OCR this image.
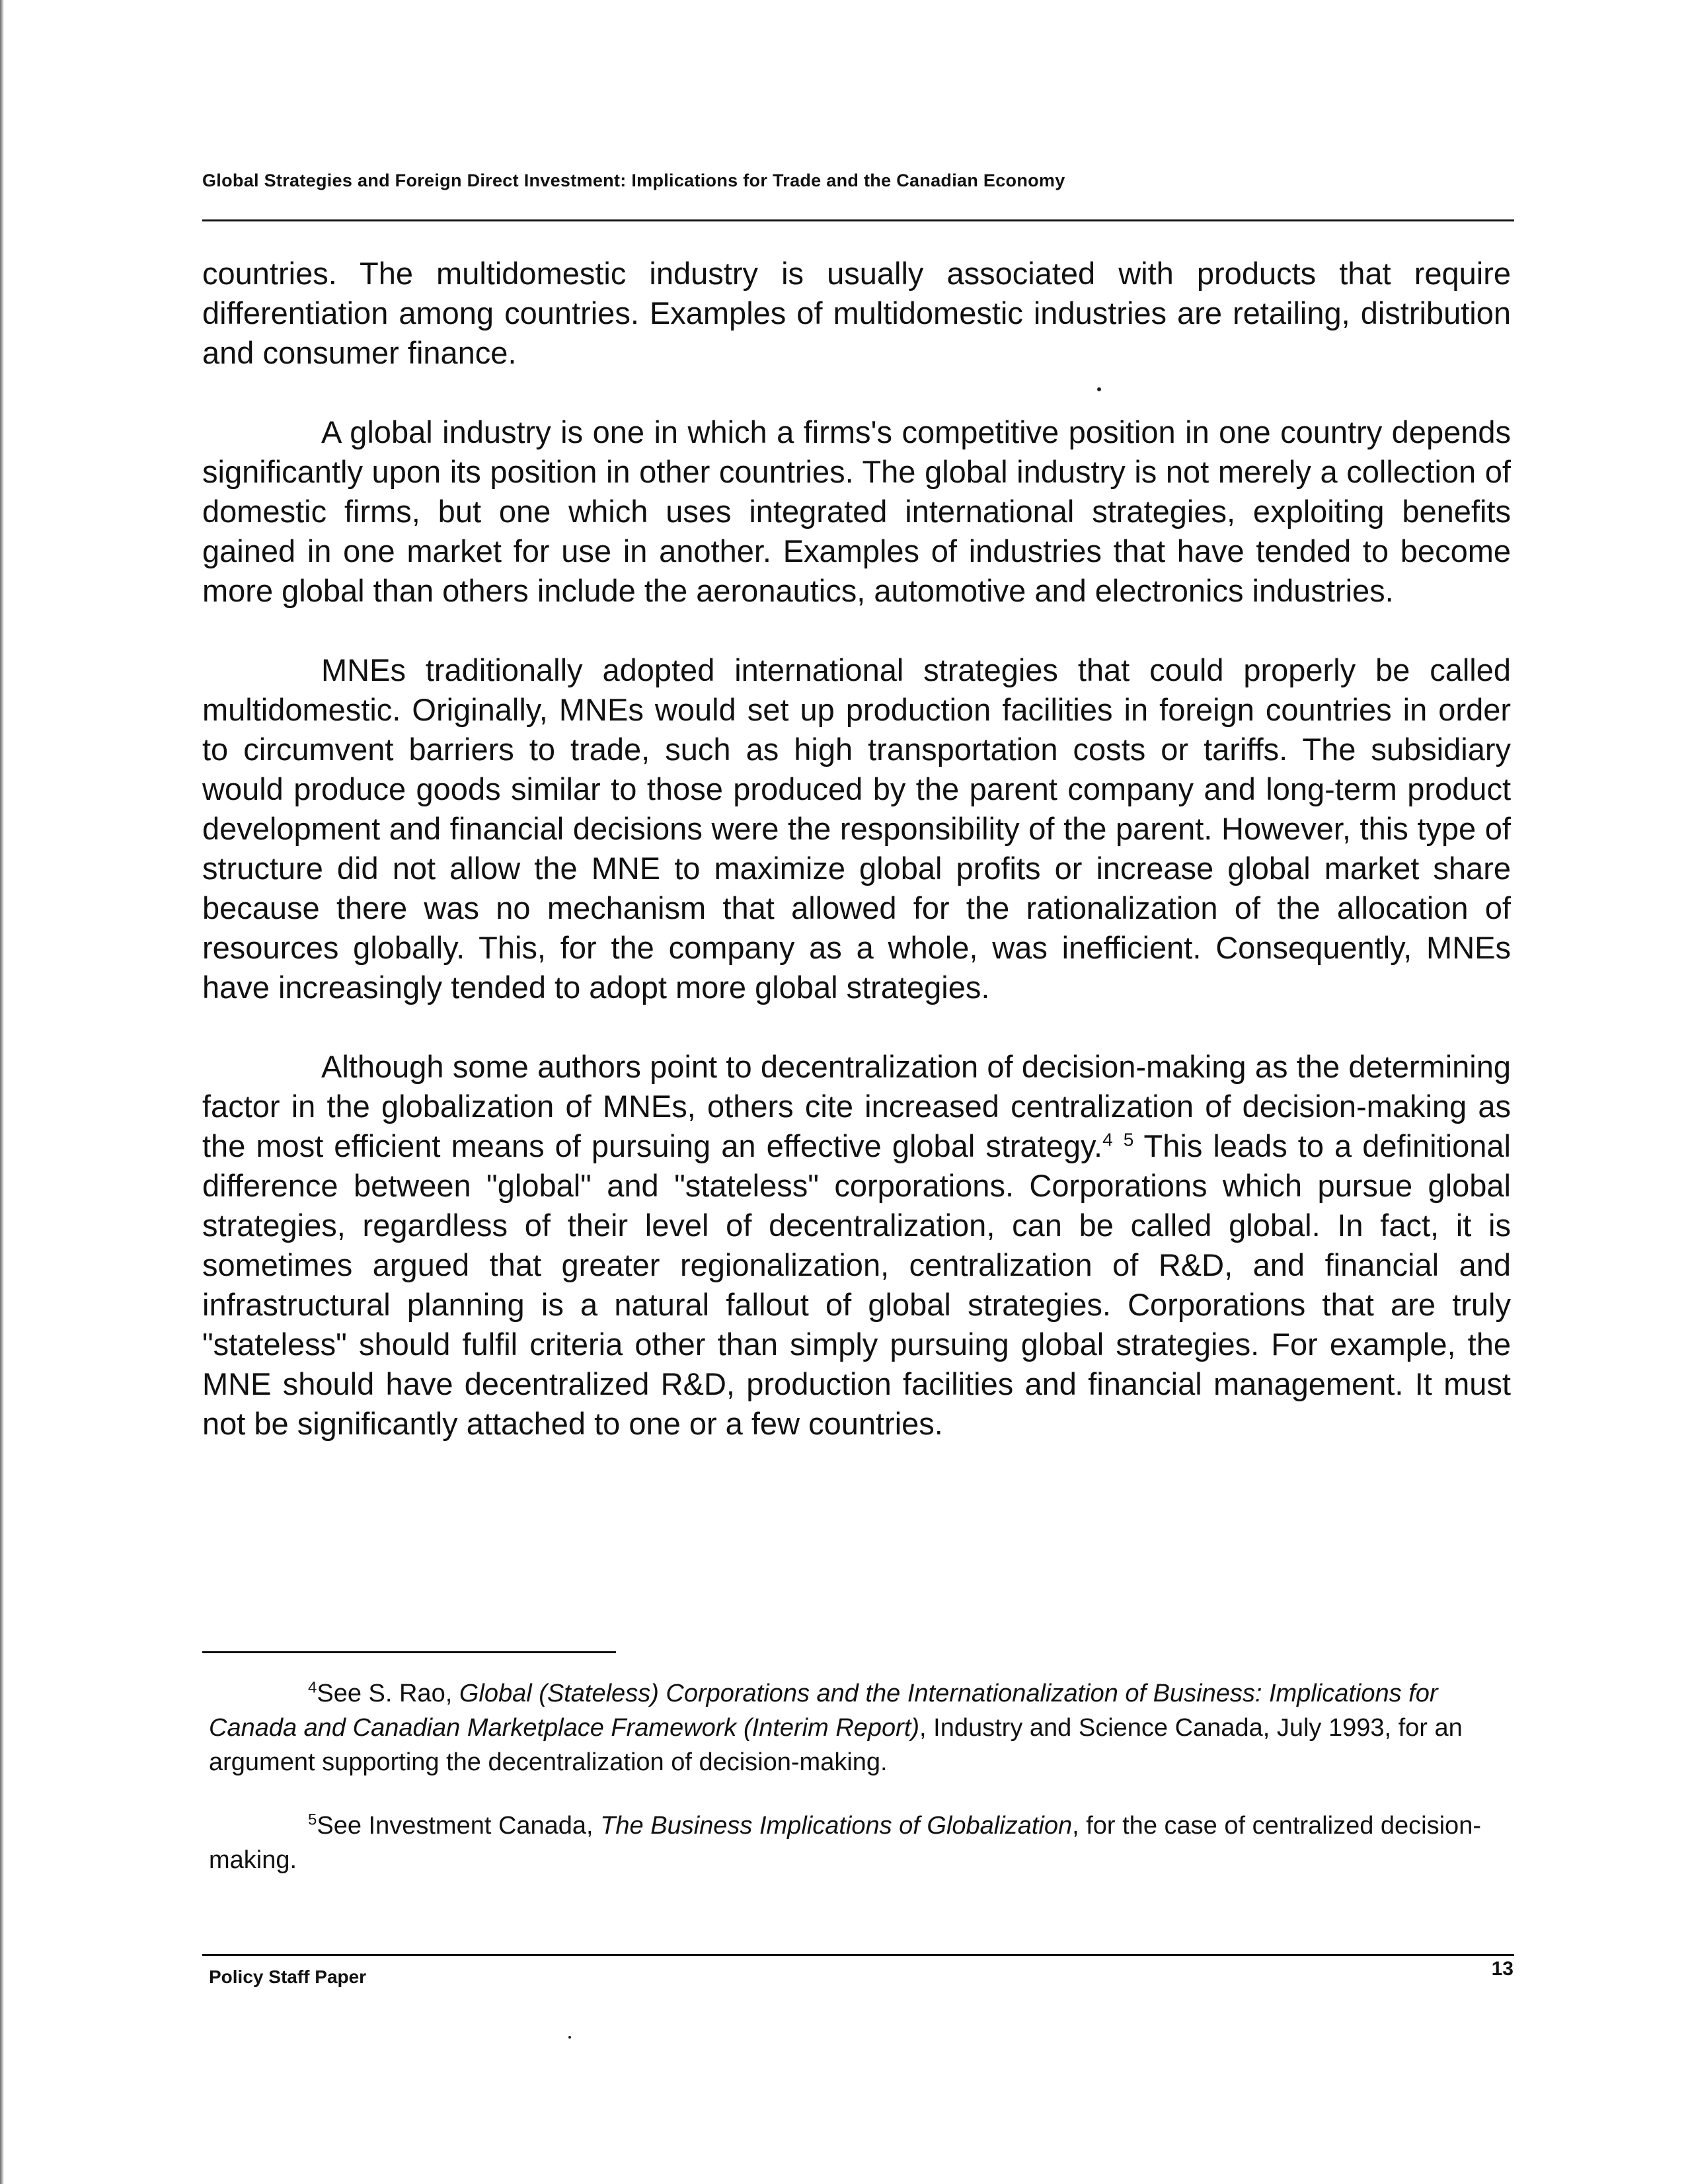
Global Strategies and Foreign Direct Investment: Implications for Trade and the Canadian Economy

countries. The multidomestic industry is usually associated with products that require differentiation among countries. Examples of multidomestic industries are retailing, distribution and consumer finance.

A global industry is one in which a firms's competitive position in one country depends significantly upon its position in other countries. The global industry is not merely a collection of domestic firms, but one which uses integrated international strategies, exploiting benefits gained in one market for use in another. Examples of industries that have tended to become more global than others include the aeronautics, automotive and electronics industries.

MNEs traditionally adopted international strategies that could properly be called multidomestic. Originally, MNEs would set up production facilities in foreign countries in order to circumvent barriers to trade, such as high transportation costs or tariffs. The subsidiary would produce goods similar to those produced by the parent company and long-term product development and financial decisions were the responsibility of the parent. However, this type of structure did not allow the MNE to maximize global profits or increase global market share because there was no mechanism that allowed for the rationalization of the allocation of resources globally. This, for the company as a whole, was inefficient. Consequently, MNEs have increasingly tended to adopt more global strategies.

Although some authors point to decentralization of decision-making as the determining factor in the globalization of MNEs, others cite increased centralization of decision-making as the most efficient means of pursuing an effective global strategy.$^4$ $^5$ This leads to a definitional difference between "global" and "stateless" corporations. Corporations which pursue global strategies, regardless of their level of decentralization, can be called global. In fact, it is sometimes argued that greater regionalization, centralization of R&D, and financial and infrastructural planning is a natural fallout of global strategies. Corporations that are truly "stateless" should fulfil criteria other than simply pursuing global strategies. For example, the MNE should have decentralized R&D, production facilities and financial management. It must not be significantly attached to one or a few countries.

$^4$See S. Rao, Global (Stateless) Corporations and the Internationalization of Business: Implications for Canada and Canadian Marketplace Framework (Interim Report), Industry and Science Canada, July 1993, for an argument supporting the decentralization of decision-making.

$^5$See Investment Canada, The Business Implications of Globalization, for the case of centralized decision-making.

Policy Staff Paper	13
